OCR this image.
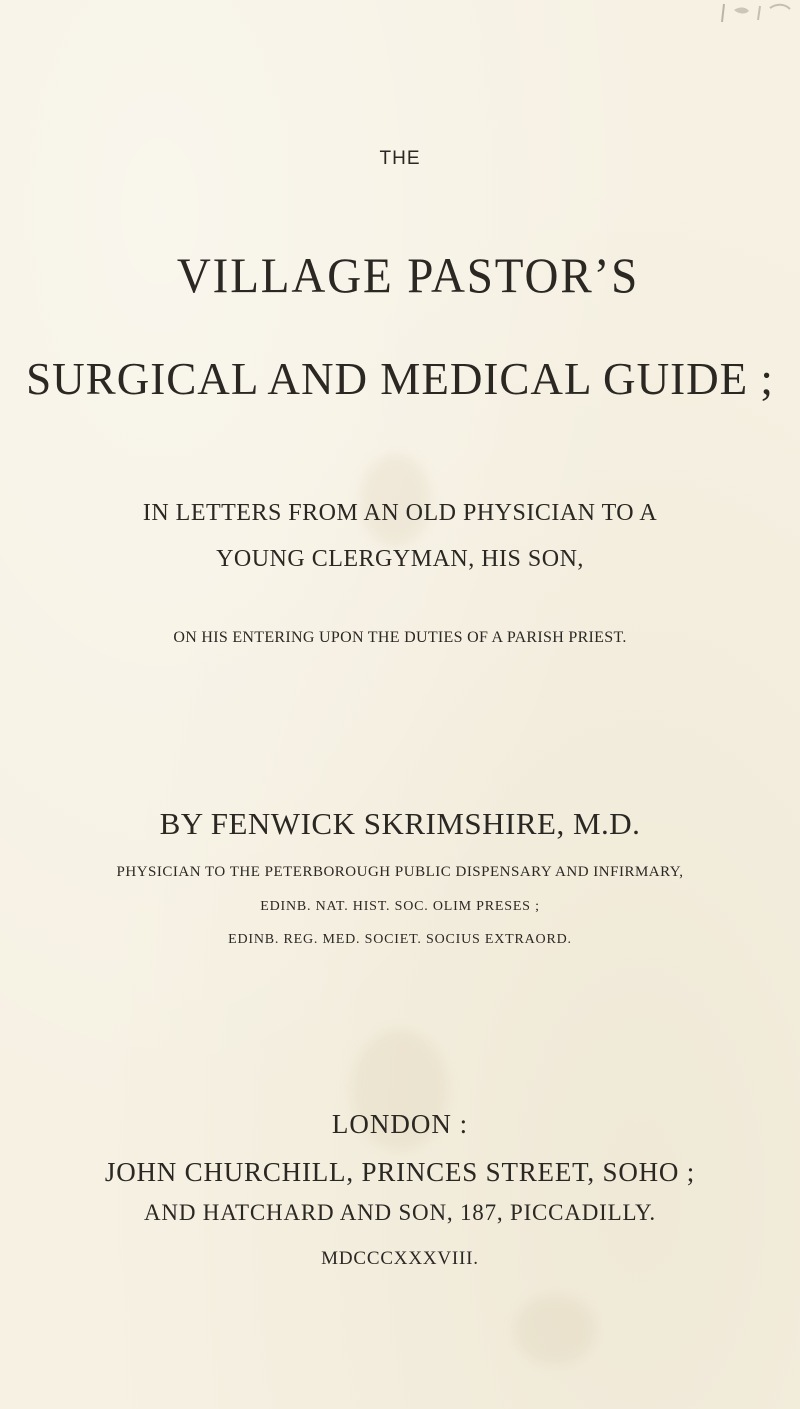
THE
VILLAGE PASTOR’S
SURGICAL AND MEDICAL GUIDE ;
IN LETTERS FROM AN OLD PHYSICIAN TO A
YOUNG CLERGYMAN, HIS SON,
ON HIS ENTERING UPON THE DUTIES OF A PARISH PRIEST.
BY FENWICK SKRIMSHIRE, M.D.
PHYSICIAN TO THE PETERBOROUGH PUBLIC DISPENSARY AND INFIRMARY,
EDINB. NAT. HIST. SOC. OLIM PRESES ;
EDINB. REG. MED. SOCIET. SOCIUS EXTRAORD.
LONDON :
JOHN CHURCHILL, PRINCES STREET, SOHO ;
AND HATCHARD AND SON, 187, PICCADILLY.
MDCCCXXXVIII.
